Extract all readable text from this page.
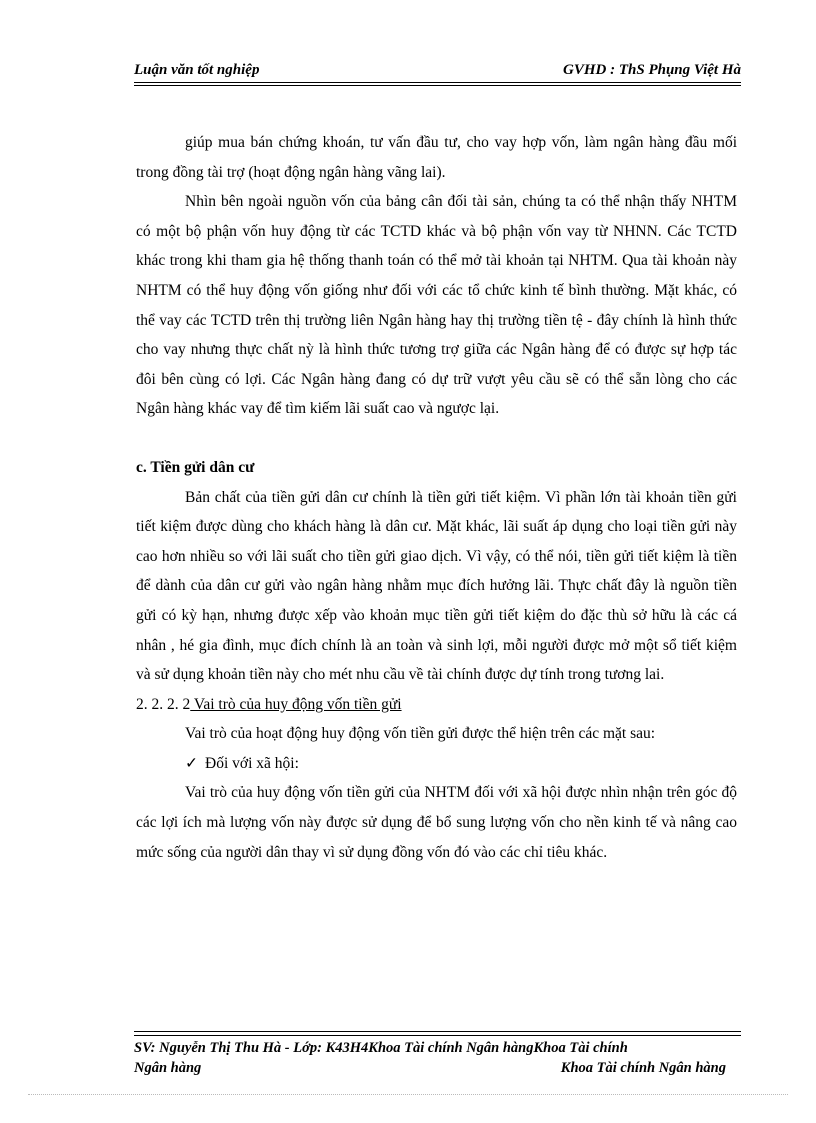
Luận văn tốt nghiệp	GVHD : ThS Phụng Việt Hà

giúp mua bán chứng khoán, tư vấn đầu tư, cho vay hợp vốn, làm ngân hàng đầu mối trong đồng tài trợ (hoạt động ngân hàng vãng lai).

Nhìn bên ngoài nguồn vốn của bảng cân đối tài sản, chúng ta có thể nhận thấy NHTM có một bộ phận vốn huy động từ các TCTD khác và bộ phận vốn vay từ NHNN. Các TCTD khác trong khi tham gia hệ thống thanh toán có thể mở tài khoản tại NHTM. Qua tài khoản này NHTM có thể huy động vốn giống như đối với các tổ chức kinh tế bình thường. Mặt khác, có thể vay các TCTD trên thị trường liên Ngân hàng hay thị trường tiền tệ - đây chính là hình thức cho vay nhưng thực chất nỳ là hình thức tương trợ giữa các Ngân hàng để có được sự hợp tác đôi bên cùng có lợi. Các Ngân hàng đang có dự trữ vượt yêu cầu sẽ có thể sẵn lòng cho các Ngân hàng khác vay để tìm kiếm lãi suất cao và ngược lại.

c. Tiền gửi dân cư

Bản chất của tiền gửi dân cư chính là tiền gửi tiết kiệm. Vì phần lớn tài khoản tiền gửi tiết kiệm được dùng cho khách hàng là dân cư. Mặt khác, lãi suất áp dụng cho loại tiền gửi này cao hơn nhiều so với lãi suất cho tiền gửi giao dịch. Vì vậy, có thể nói, tiền gửi tiết kiệm là tiền để dành của dân cư gửi vào ngân hàng nhằm mục đích hưởng lãi. Thực chất đây là nguồn tiền gửi có kỳ hạn, nhưng được xếp vào khoản mục tiền gửi tiết kiệm do đặc thù sở hữu là các cá nhân , hé gia đình, mục đích chính là an toàn và sinh lợi, mỗi người được mở một sổ tiết kiệm và sử dụng khoản tiền này cho mét nhu cầu về tài chính được dự tính trong tương lai.

2. 2. 2. 2 Vai trò của huy động vốn tiền gửi

Vai trò của hoạt động huy động vốn tiền gửi được thể hiện trên các mặt sau:

✓ Đối với xã hội:

Vai trò của huy động vốn tiền gửi của NHTM đối với xã hội được nhìn nhận trên góc độ các lợi ích mà lượng vốn này được sử dụng để bổ sung lượng vốn cho nền kinh tế và nâng cao mức sống của người dân thay vì sử dụng đồng vốn đó vào các chỉ tiêu khác.

SV: Nguyễn Thị Thu Hà - Lớp: K43H4Khoa Tài chính Ngân hàngKhoa Tài chính
Ngân hàng	Khoa Tài chính Ngân hàng
